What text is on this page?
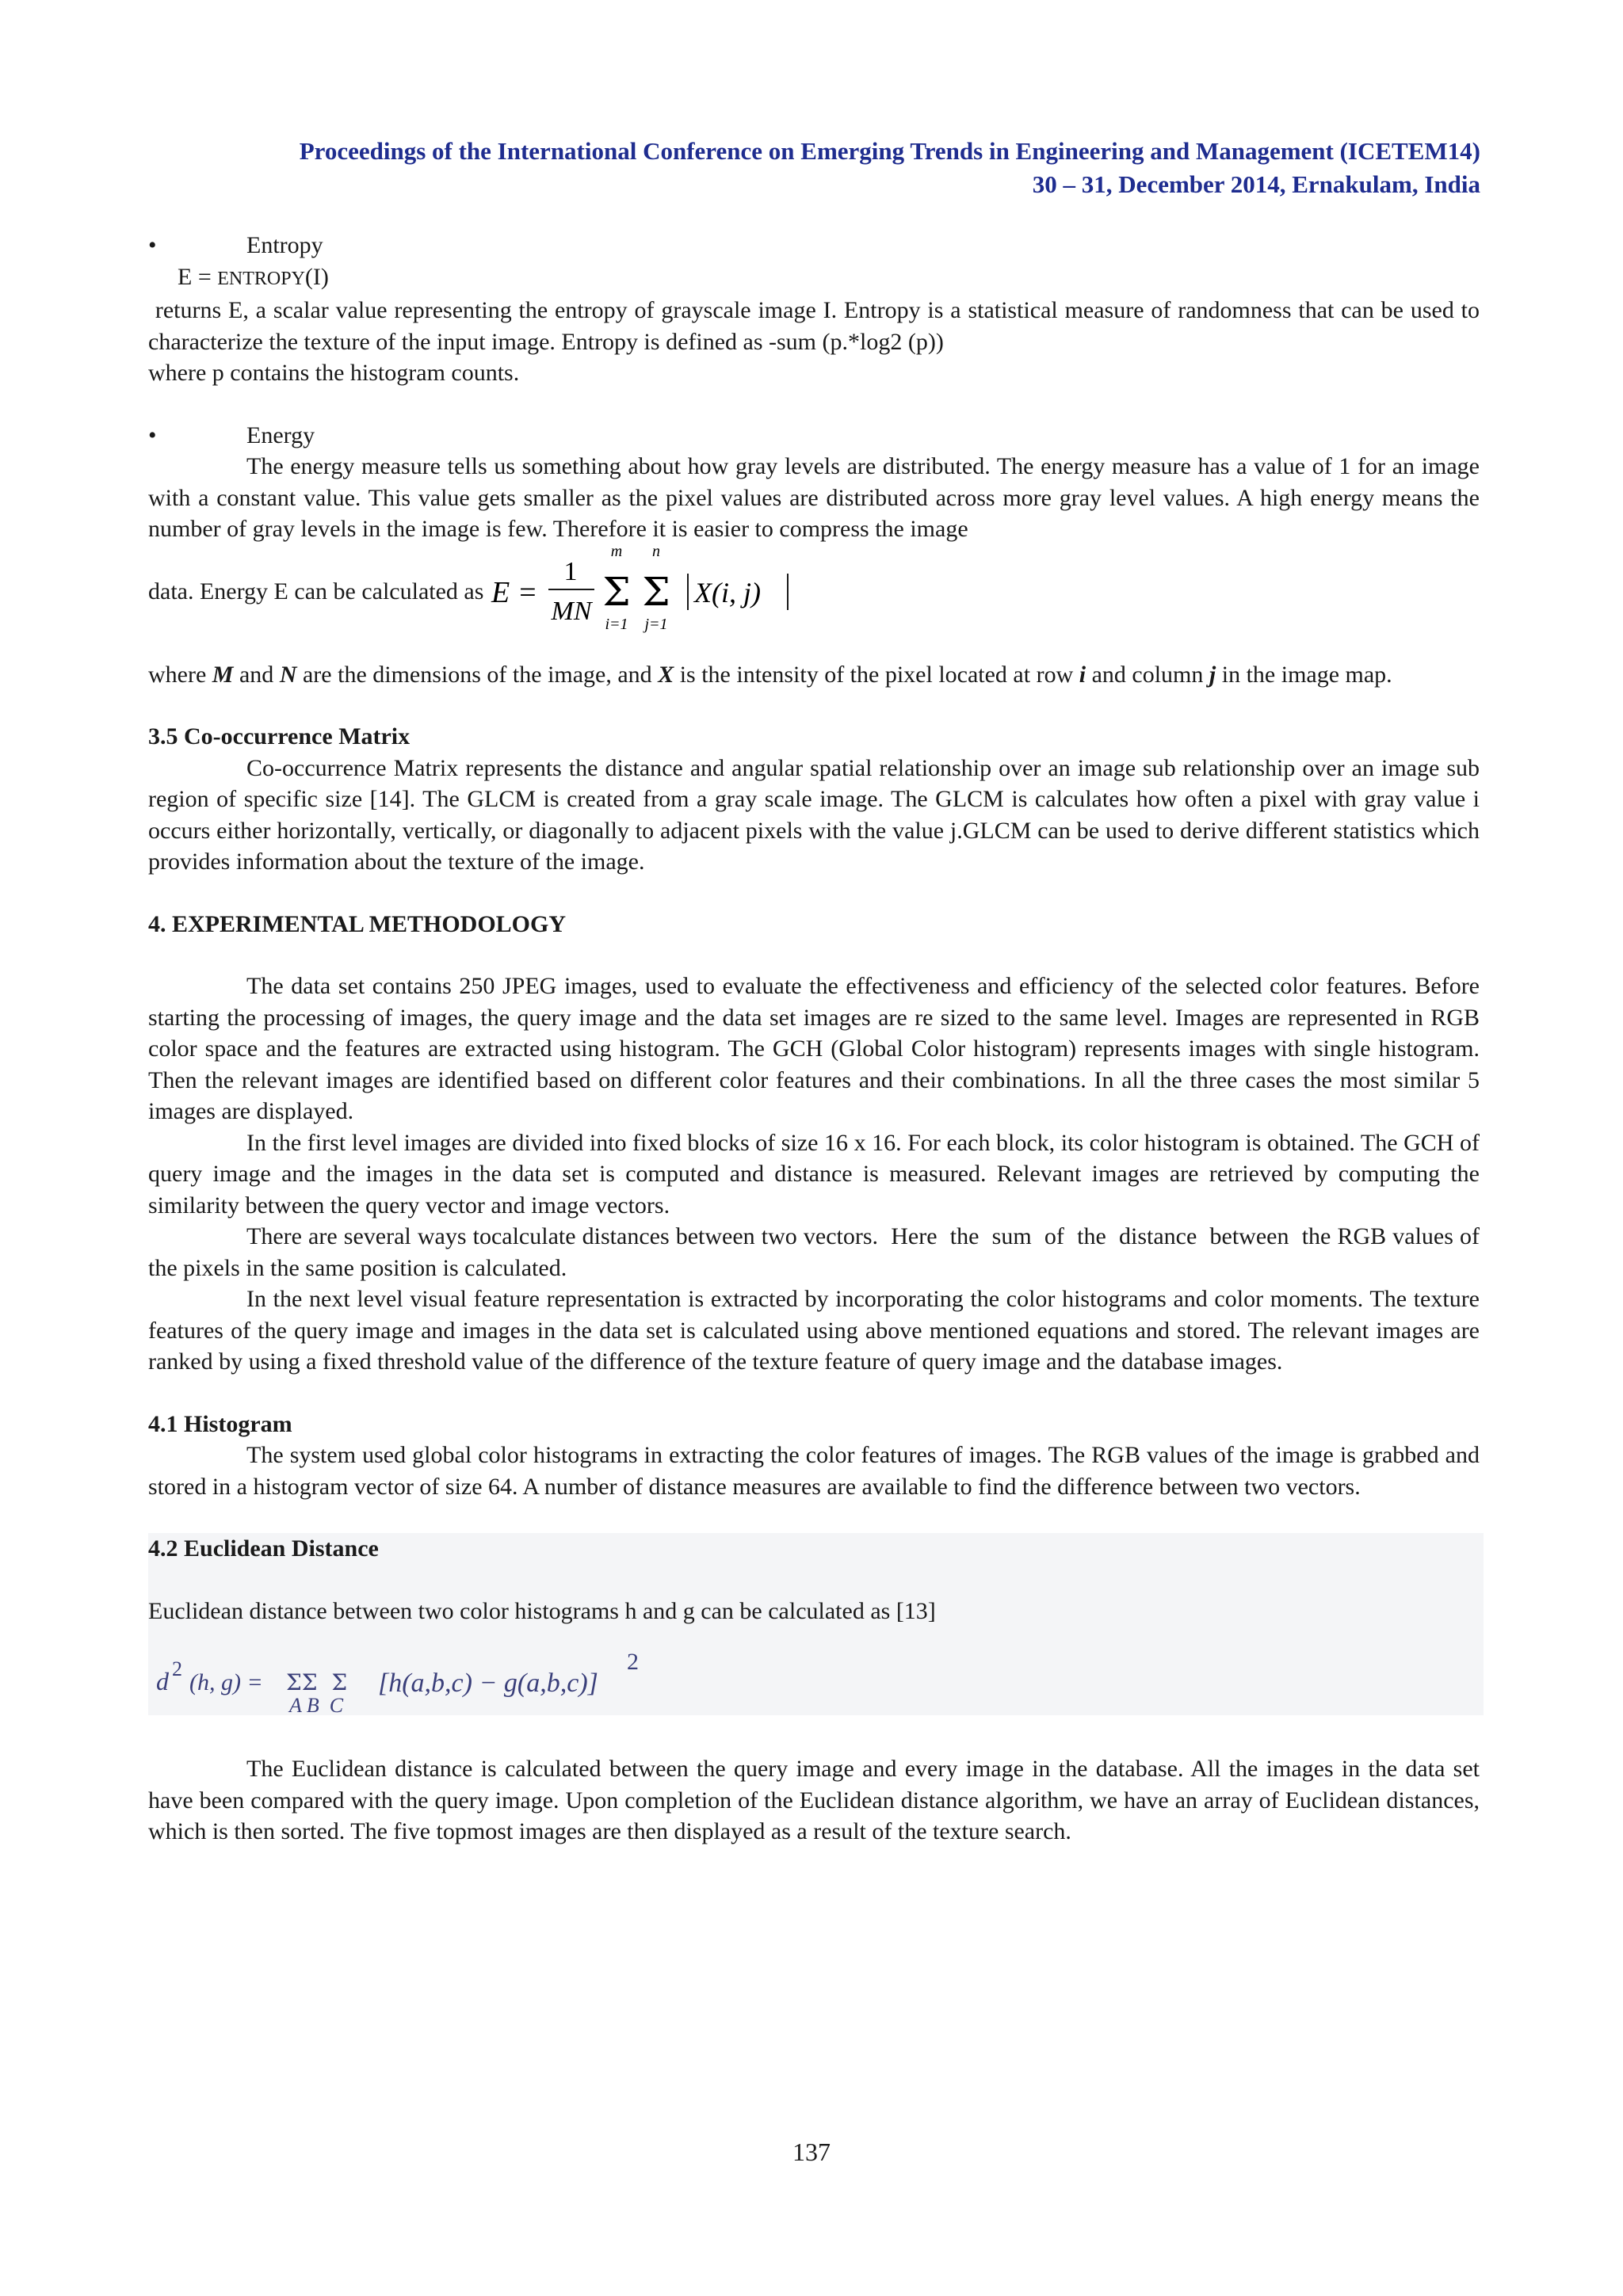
Proceedings of the International Conference on Emerging Trends in Engineering and Management (ICETEM14)
30 – 31, December 2014, Ernakulam, India

•	Entropy

E = ENTROPY(I)

returns E, a scalar value representing the entropy of grayscale image I. Entropy is a statistical measure of randomness that can be used to characterize the texture of the input image. Entropy is defined as -sum (p.*log2 (p))

where p contains the histogram counts.

•	Energy

The energy measure tells us something about how gray levels are distributed. The energy measure has a value of 1 for an image with a constant value. This value gets smaller as the pixel values are distributed across more gray level values. A high energy means the number of gray levels in the image is few. Therefore it is easier to compress the image

data. Energy E can be calculated as E =
1
MN
m
Σ
i=1
n
Σ
j=1
X(i, j)

where M and N are the dimensions of the image, and X is the intensity of the pixel located at row i and column j in the image map.

3.5 Co-occurrence Matrix

Co-occurrence Matrix represents the distance and angular spatial relationship over an image sub relationship over an image sub region of specific size [14]. The GLCM is created from a gray scale image. The GLCM is calculates how often a pixel with gray value i occurs either horizontally, vertically, or diagonally to adjacent pixels with the value j.GLCM can be used to derive different statistics which provides information about the texture of the image.

4. EXPERIMENTAL METHODOLOGY

The data set contains 250 JPEG images, used to evaluate the effectiveness and efficiency of the selected color features. Before starting the processing of images, the query image and the data set images are re sized to the same level. Images are represented in RGB color space and the features are extracted using histogram. The GCH (Global Color histogram) represents images with single histogram. Then the relevant images are identified based on different color features and their combinations. In all the three cases the most similar 5 images are displayed.

In the first level images are divided into fixed blocks of size 16 x 16. For each block, its color histogram is obtained. The GCH of query image and the images in the data set is computed and distance is measured. Relevant images are retrieved by computing the similarity between the query vector and image vectors.

There are several ways tocalculate distances between two vectors.  Here  the  sum  of  the  distance  between  the RGB values of the pixels in the same position is calculated.

In the next level visual feature representation is extracted by incorporating the color histograms and color moments. The texture features of the query image and images in the data set is calculated using above mentioned equations and stored. The relevant images are ranked by using a fixed threshold value of the difference of the texture feature of query image and the database images.

4.1 Histogram

The system used global color histograms in extracting the color features of images. The RGB values of the image is grabbed and stored in a histogram vector of size 64. A number of distance measures are available to find the difference between two vectors.

4.2 Euclidean Distance

Euclidean distance between two color histograms h and g can be calculated as [13]

d 2
(h, g) = ΣΣ  Σ
A B  C
[h(a,b,c) − g(a,b,c)]
2

The Euclidean distance is calculated between the query image and every image in the database. All the images in the data set have been compared with the query image. Upon completion of the Euclidean distance algorithm, we have an array of Euclidean distances, which is then sorted. The five topmost images are then displayed as a result of the texture search.

137
